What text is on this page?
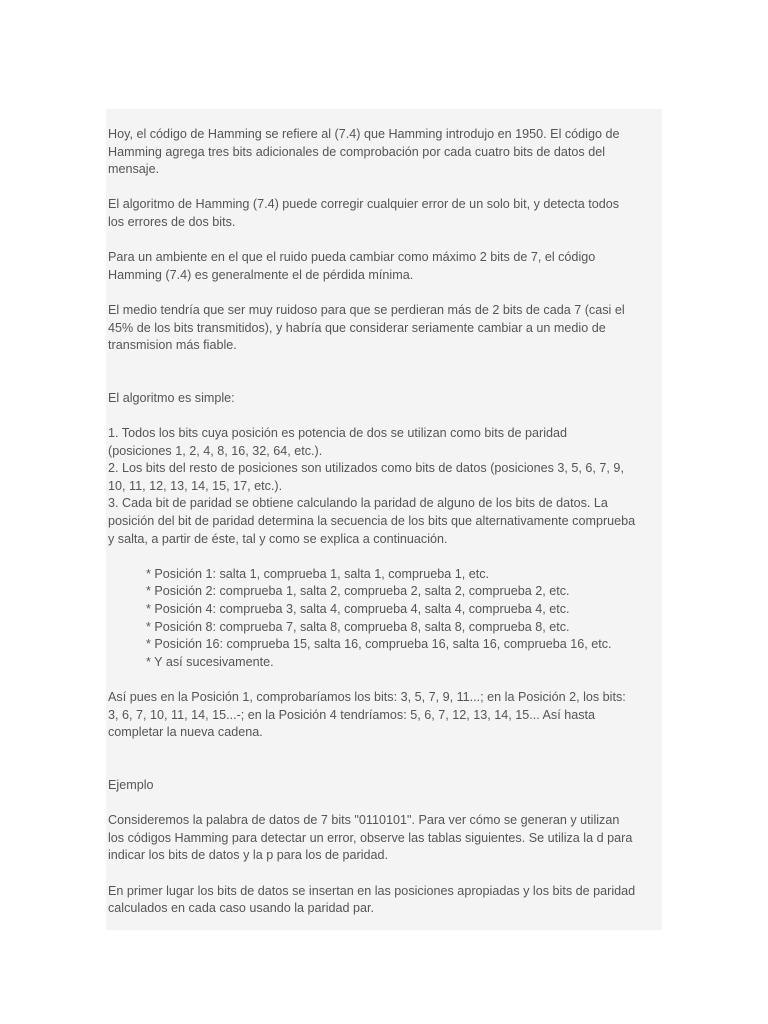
Hoy, el código de Hamming se refiere al (7.4) que Hamming introdujo en 1950. El código de
Hamming agrega tres bits adicionales de comprobación por cada cuatro bits de datos del
mensaje.

El algoritmo de Hamming (7.4) puede corregir cualquier error de un solo bit, y detecta todos
los errores de dos bits.

Para un ambiente en el que el ruido pueda cambiar como máximo 2 bits de 7, el código
Hamming (7.4) es generalmente el de pérdida mínima.

El medio tendría que ser muy ruidoso para que se perdieran más de 2 bits de cada 7 (casi el
45% de los bits transmitidos), y habría que considerar seriamente cambiar a un medio de
transmision más fiable.

El algoritmo es simple:

1. Todos los bits cuya posición es potencia de dos se utilizan como bits de paridad
(posiciones 1, 2, 4, 8, 16, 32, 64, etc.).
2. Los bits del resto de posiciones son utilizados como bits de datos (posiciones 3, 5, 6, 7, 9,
10, 11, 12, 13, 14, 15, 17, etc.).
3. Cada bit de paridad se obtiene calculando la paridad de alguno de los bits de datos. La
posición del bit de paridad determina la secuencia de los bits que alternativamente comprueba
y salta, a partir de éste, tal y como se explica a continuación.
* Posición 1: salta 1, comprueba 1, salta 1, comprueba 1, etc.
* Posición 2: comprueba 1, salta 2, comprueba 2, salta 2, comprueba 2, etc.
* Posición 4: comprueba 3, salta 4, comprueba 4, salta 4, comprueba 4, etc.
* Posición 8: comprueba 7, salta 8, comprueba 8, salta 8, comprueba 8, etc.
* Posición 16: comprueba 15, salta 16, comprueba 16, salta 16, comprueba 16, etc.
* Y así sucesivamente.

Así pues en la Posición 1, comprobaríamos los bits: 3, 5, 7, 9, 11...; en la Posición 2, los bits:
3, 6, 7, 10, 11, 14, 15...-; en la Posición 4 tendríamos: 5, 6, 7, 12, 13, 14, 15... Así hasta
completar la nueva cadena.

Ejemplo

Consideremos la palabra de datos de 7 bits "0110101". Para ver cómo se generan y utilizan
los códigos Hamming para detectar un error, observe las tablas siguientes. Se utiliza la d para
indicar los bits de datos y la p para los de paridad.

En primer lugar los bits de datos se insertan en las posiciones apropiadas y los bits de paridad
calculados en cada caso usando la paridad par.
